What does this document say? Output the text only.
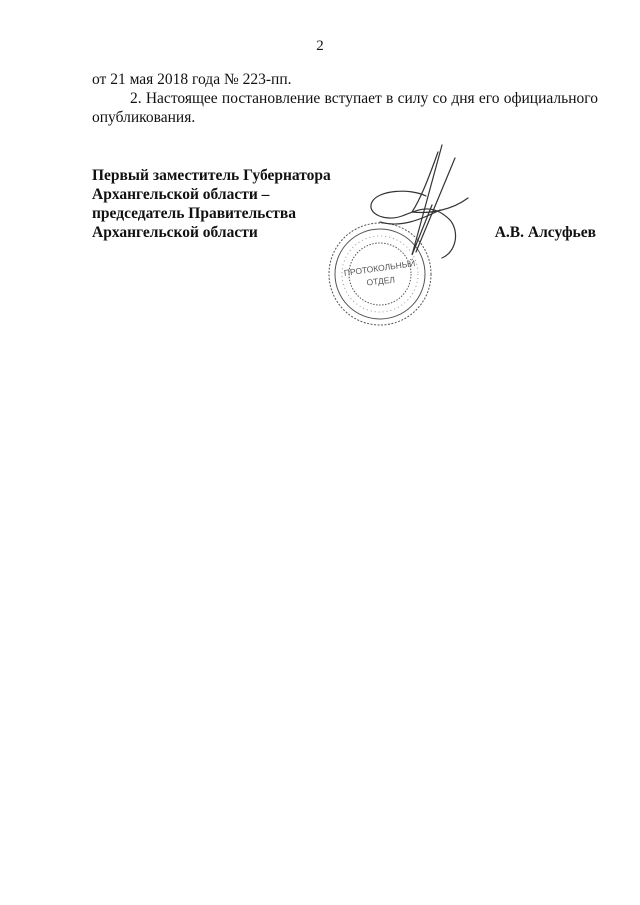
2
от 21 мая 2018 года № 223-пп.
2. Настоящее постановление вступает в силу со дня его официального опубликования.
Первый заместитель Губернатора
Архангельской области –
председатель Правительства
Архангельской области	А.В. Алсуфьев
ПРОТОКОЛЬНЫЙ
ОТДЕЛ
